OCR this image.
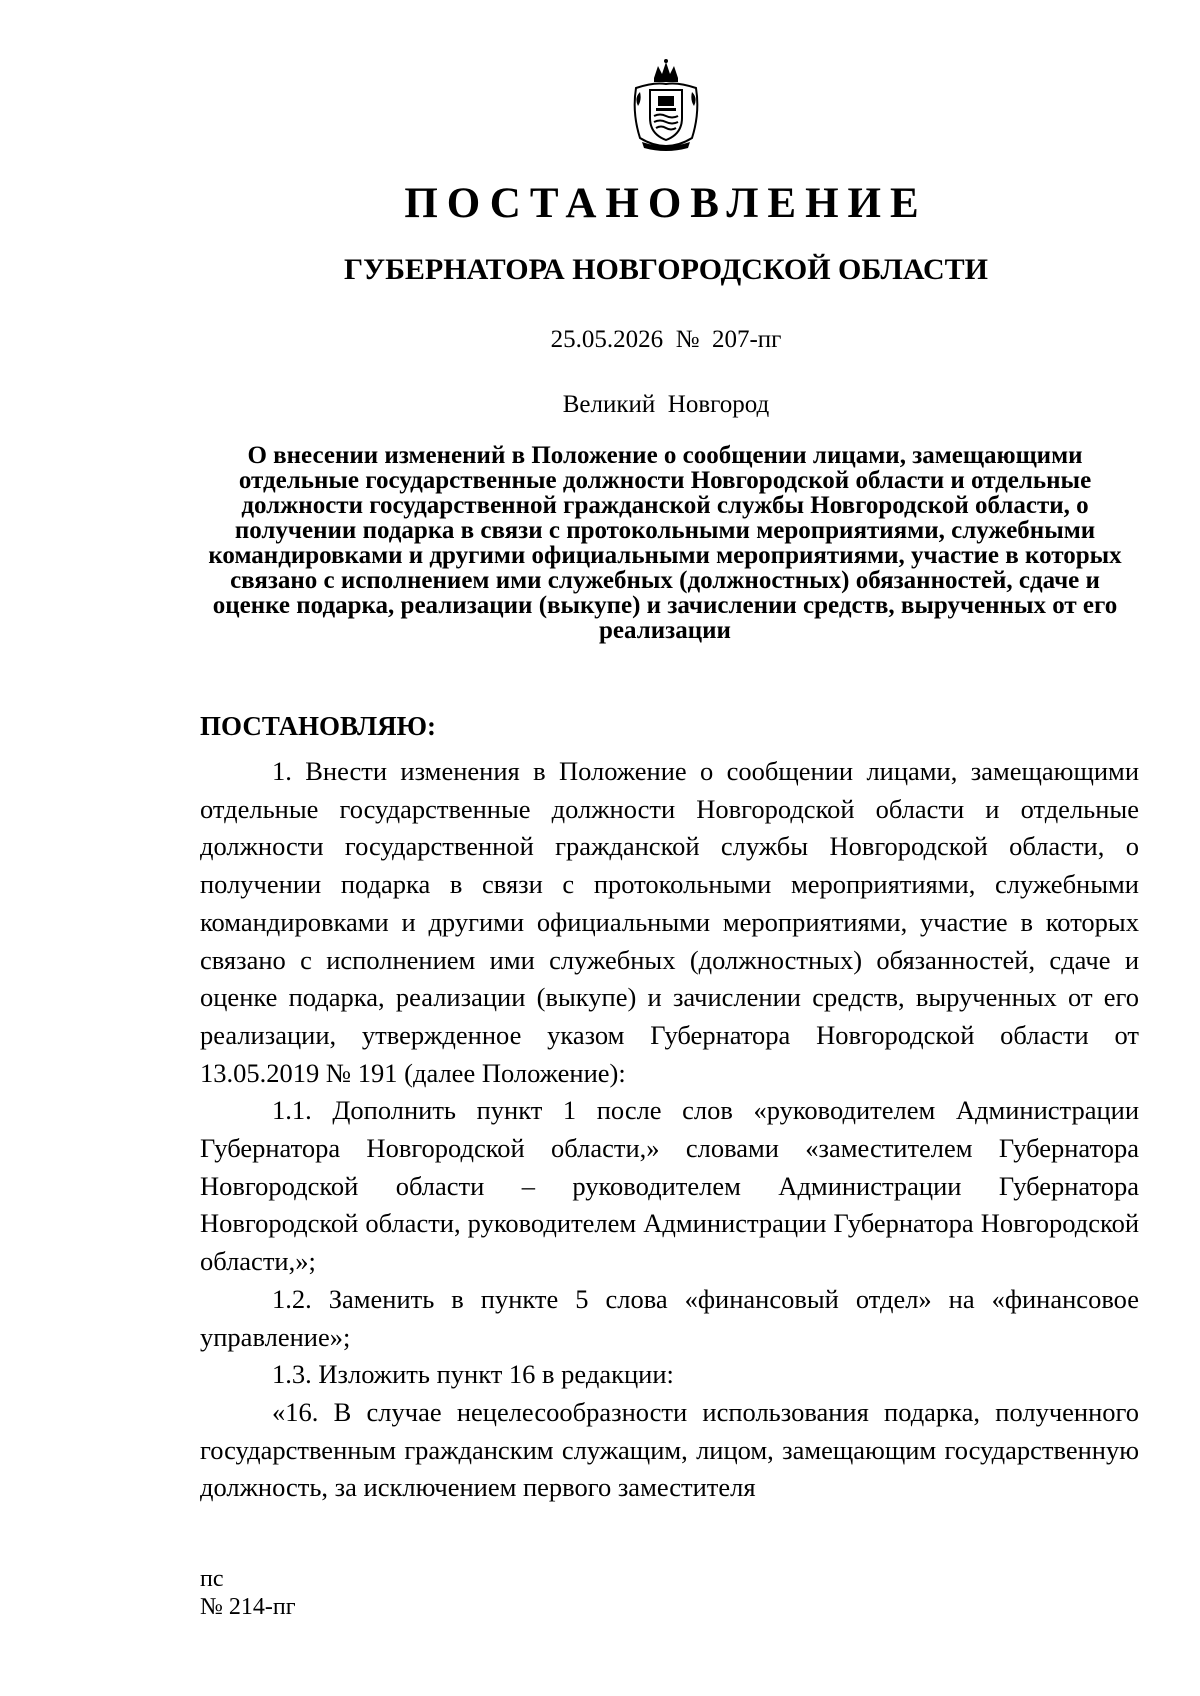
ПОСТАНОВЛЕНИЕ
ГУБЕРНАТОРА НОВГОРОДСКОЙ ОБЛАСТИ
25.05.2026  №  207-пг
Великий  Новгород

О внесении изменений в Положение о сообщении лицами, замещающими отдельные государственные должности Новгородской области и отдельные должности государственной гражданской службы Новгородской области, о получении подарка в связи с протокольными мероприятиями, служебными командировками и другими официальными мероприятиями, участие в которых связано с исполнением ими служебных (должностных) обязанностей, сдаче и оценке подарка, реализации (выкупе) и зачислении средств, вырученных от его реализации

ПОСТАНОВЛЯЮ:

1. Внести изменения в Положение о сообщении лицами, замещающими отдельные государственные должности Новгородской области и отдельные должности государственной гражданской службы Новгородской области, о получении подарка в связи с протокольными мероприятиями, служебными командировками и другими официальными мероприятиями, участие в которых связано с исполнением ими служебных (должностных) обязанностей, сдаче и оценке подарка, реализации (выкупе) и зачислении средств, вырученных от его реализации, утвержденное указом Губернатора Новгородской области от 13.05.2019 № 191 (далее Положение):

1.1. Дополнить пункт 1 после слов «руководителем Администрации Губернатора Новгородской области,» словами «заместителем Губернатора Новгородской области – руководителем Администрации Губернатора Новгородской области, руководителем Администрации Губернатора Новгородской области,»;

1.2. Заменить в пункте 5 слова «финансовый отдел» на «финансовое управление»;

1.3. Изложить пункт 16 в редакции:

«16. В случае нецелесообразности использования подарка, полученного государственным гражданским служащим, лицом, замещающим государственную должность, за исключением первого заместителя

пс
№ 214-пг
